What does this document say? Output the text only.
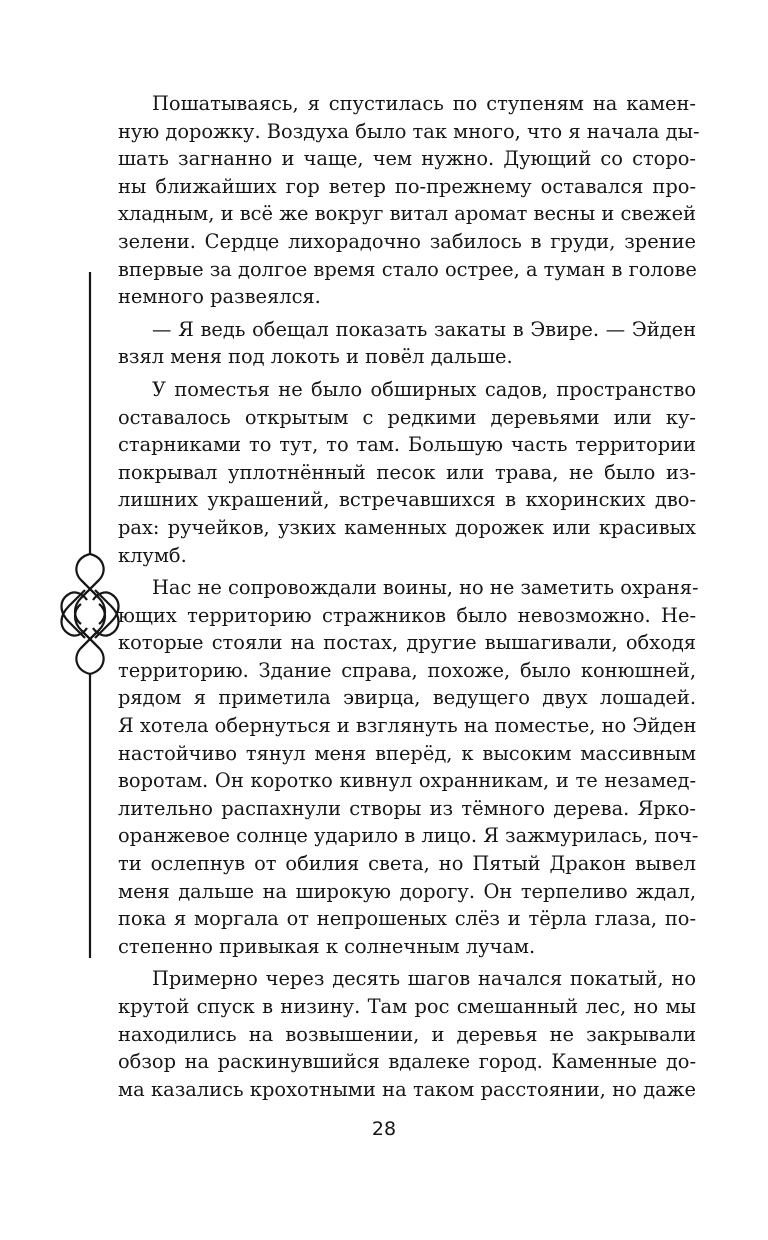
Пошатываясь, я спустилась по ступеням на камен-
ную дорожку. Воздуха было так много, что я начала ды-
шать загнанно и чаще, чем нужно. Дующий со сторо-
ны ближайших гор ветер по-прежнему оставался про-
хладным, и всё же вокруг витал аромат весны и свежей
зелени. Сердце лихорадочно забилось в груди, зрение
впервые за долгое время стало острее, а туман в голове
немного развеялся.
— Я ведь обещал показать закаты в Эвире. — Эйден
взял меня под локоть и повёл дальше.
У поместья не было обширных садов, пространство
оставалось открытым с редкими деревьями или ку-
старниками то тут, то там. Большую часть территории
покрывал уплотнённый песок или трава, не было из-
лишних украшений, встречавшихся в кхоринских дво-
рах: ручейков, узких каменных дорожек или красивых
клумб.
Нас не сопровождали воины, но не заметить охраня-
ющих территорию стражников было невозможно. Не-
которые стояли на постах, другие вышагивали, обходя
территорию. Здание справа, похоже, было конюшней,
рядом я приметила эвирца, ведущего двух лошадей.
Я хотела обернуться и взглянуть на поместье, но Эйден
настойчиво тянул меня вперёд, к высоким массивным
воротам. Он коротко кивнул охранникам, и те незамед-
лительно распахнули створы из тёмного дерева. Ярко-
оранжевое солнце ударило в лицо. Я зажмурилась, поч-
ти ослепнув от обилия света, но Пятый Дракон вывел
меня дальше на широкую дорогу. Он терпеливо ждал,
пока я моргала от непрошеных слёз и тёрла глаза, по-
степенно привыкая к солнечным лучам.
Примерно через десять шагов начался покатый, но
крутой спуск в низину. Там рос смешанный лес, но мы
находились на возвышении, и деревья не закрывали
обзор на раскинувшийся вдалеке город. Каменные до-
ма казались крохотными на таком расстоянии, но даже
28
